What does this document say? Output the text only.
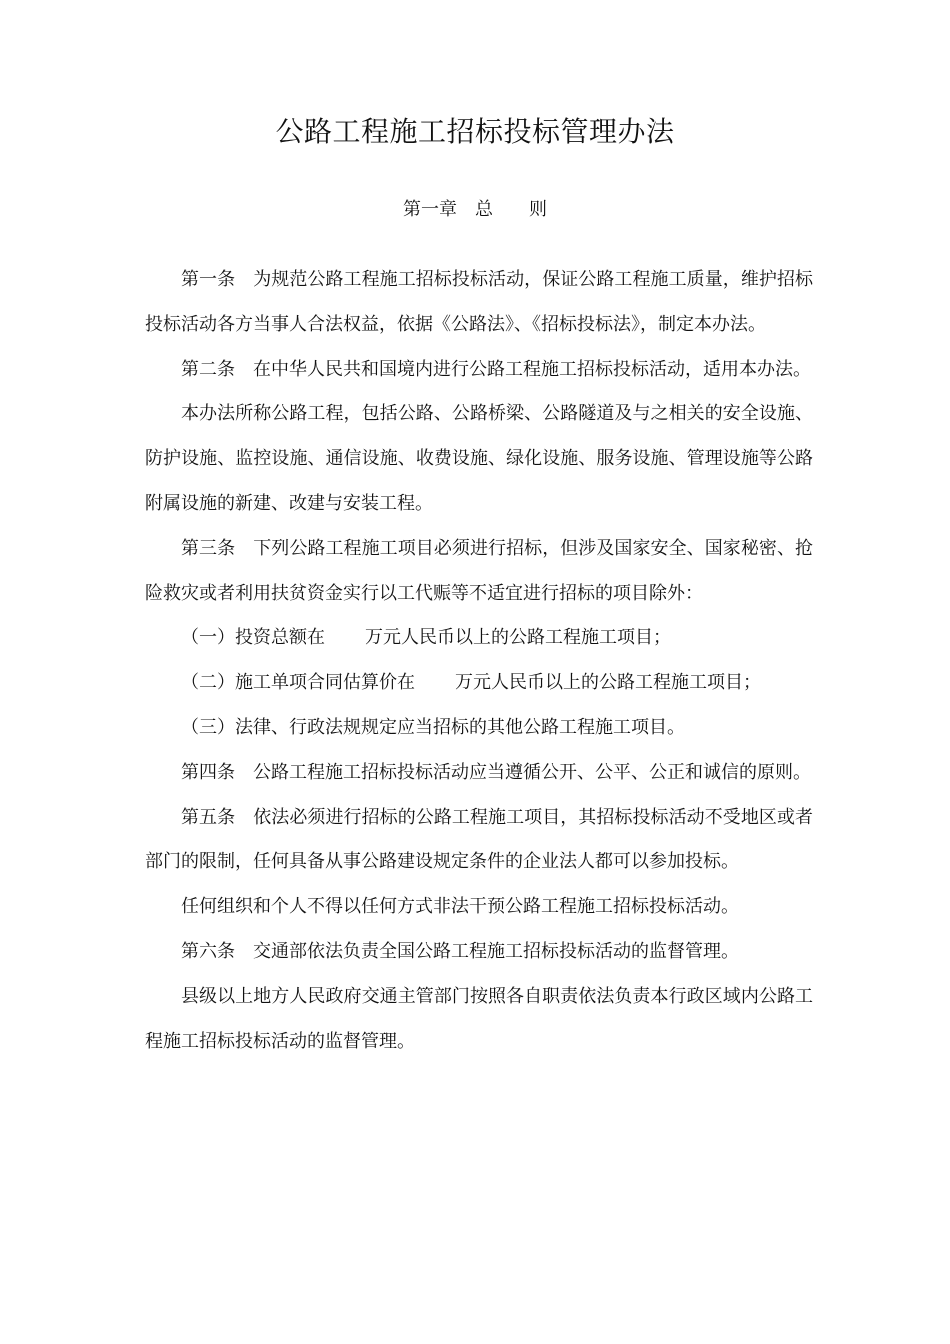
公路工程施工招标投标管理办法
第一章　总　　则

第一条　为规范公路工程施工招标投标活动，保证公路工程施工质量，维护招标投标活动各方当事人合法权益，依据《公路法》、《招标投标法》，制定本办法。

第二条　在中华人民共和国境内进行公路工程施工招标投标活动，适用本办法。

本办法所称公路工程，包括公路、公路桥梁、公路隧道及与之相关的安全设施、防护设施、监控设施、通信设施、收费设施、绿化设施、服务设施、管理设施等公路附属设施的新建、改建与安装工程。

第三条　下列公路工程施工项目必须进行招标，但涉及国家安全、国家秘密、抢险救灾或者利用扶贫资金实行以工代赈等不适宜进行招标的项目除外：

（一）投资总额在 万元人民币以上的公路工程施工项目；

（二）施工单项合同估算价在 万元人民币以上的公路工程施工项目；

（三）法律、行政法规规定应当招标的其他公路工程施工项目。

第四条　公路工程施工招标投标活动应当遵循公开、公平、公正和诚信的原则。

第五条　依法必须进行招标的公路工程施工项目，其招标投标活动不受地区或者部门的限制，任何具备从事公路建设规定条件的企业法人都可以参加投标。

任何组织和个人不得以任何方式非法干预公路工程施工招标投标活动。

第六条　交通部依法负责全国公路工程施工招标投标活动的监督管理。

县级以上地方人民政府交通主管部门按照各自职责依法负责本行政区域内公路工程施工招标投标活动的监督管理。
